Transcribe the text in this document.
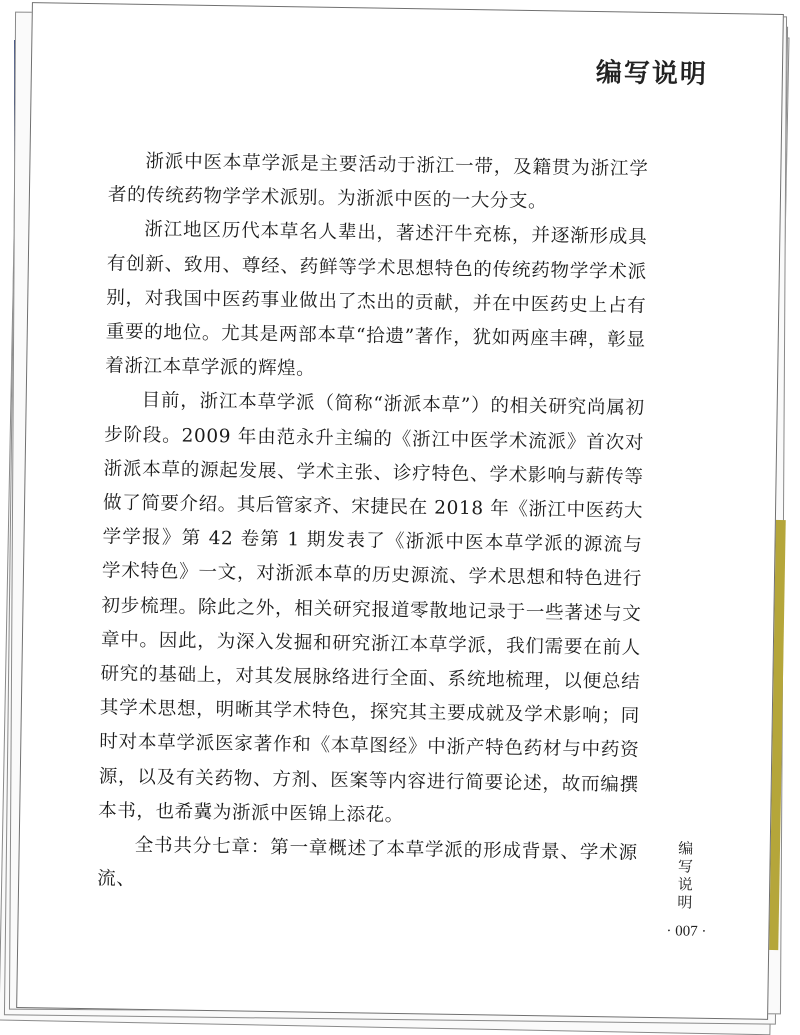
编写说明

浙派中医本草学派是主要活动于浙江一带，及籍贯为浙江学者的传统药物学学术派别。为浙派中医的一大分支。

浙江地区历代本草名人辈出，著述汗牛充栋，并逐渐形成具有创新、致用、尊经、药鲜等学术思想特色的传统药物学学术派别，对我国中医药事业做出了杰出的贡献，并在中医药史上占有重要的地位。尤其是两部本草“拾遗”著作，犹如两座丰碑，彰显着浙江本草学派的辉煌。

目前，浙江本草学派（简称“浙派本草”）的相关研究尚属初步阶段。2009 年由范永升主编的《浙江中医学术流派》首次对浙派本草的源起发展、学术主张、诊疗特色、学术影响与薪传等做了简要介绍。其后管家齐、宋捷民在 2018 年《浙江中医药大学学报》第 42 卷第 1 期发表了《浙派中医本草学派的源流与学术特色》一文，对浙派本草的历史源流、学术思想和特色进行初步梳理。除此之外，相关研究报道零散地记录于一些著述与文章中。因此，为深入发掘和研究浙江本草学派，我们需要在前人研究的基础上，对其发展脉络进行全面、系统地梳理，以便总结其学术思想，明晰其学术特色，探究其主要成就及学术影响；同时对本草学派医家著作和《本草图经》中浙产特色药材与中药资源，以及有关药物、方剂、医案等内容进行简要论述，故而编撰本书，也希冀为浙派中医锦上添花。

全书共分七章：第一章概述了本草学派的形成背景、学术源流、

编写说明
· 007 ·
